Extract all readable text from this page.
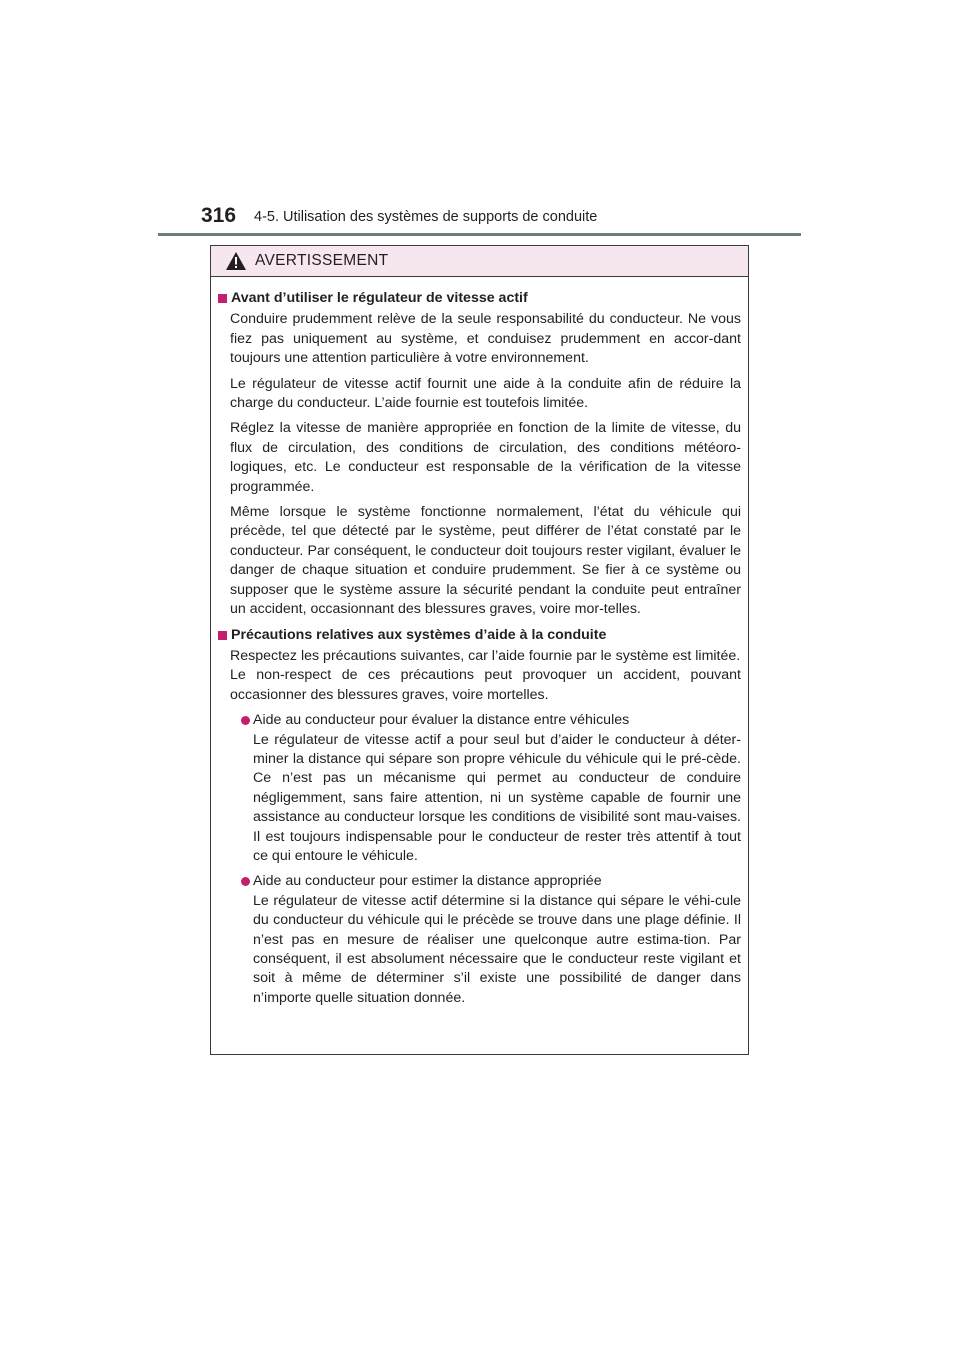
316 4-5. Utilisation des systèmes de supports de conduite
AVERTISSEMENT
Avant d’utiliser le régulateur de vitesse actif

Conduire prudemment relève de la seule responsabilité du conducteur. Ne vous fiez pas uniquement au système, et conduisez prudemment en accor-dant toujours une attention particulière à votre environnement.

Le régulateur de vitesse actif fournit une aide à la conduite afin de réduire la charge du conducteur. L’aide fournie est toutefois limitée.

Réglez la vitesse de manière appropriée en fonction de la limite de vitesse, du flux de circulation, des conditions de circulation, des conditions météoro-logiques, etc. Le conducteur est responsable de la vérification de la vitesse programmée.

Même lorsque le système fonctionne normalement, l’état du véhicule qui précède, tel que détecté par le système, peut différer de l’état constaté par le conducteur. Par conséquent, le conducteur doit toujours rester vigilant, évaluer le danger de chaque situation et conduire prudemment. Se fier à ce système ou supposer que le système assure la sécurité pendant la conduite peut entraîner un accident, occasionnant des blessures graves, voire mor-telles.

Précautions relatives aux systèmes d’aide à la conduite

Respectez les précautions suivantes, car l’aide fournie par le système est limitée.

Le non-respect de ces précautions peut provoquer un accident, pouvant occasionner des blessures graves, voire mortelles.

Aide au conducteur pour évaluer la distance entre véhicules
Le régulateur de vitesse actif a pour seul but d’aider le conducteur à déter-miner la distance qui sépare son propre véhicule du véhicule qui le pré-cède. Ce n’est pas un mécanisme qui permet au conducteur de conduire négligemment, sans faire attention, ni un système capable de fournir une assistance au conducteur lorsque les conditions de visibilité sont mau-vaises. Il est toujours indispensable pour le conducteur de rester très attentif à tout ce qui entoure le véhicule.
Aide au conducteur pour estimer la distance appropriée
Le régulateur de vitesse actif détermine si la distance qui sépare le véhi-cule du conducteur du véhicule qui le précède se trouve dans une plage définie. Il n’est pas en mesure de réaliser une quelconque autre estima-tion. Par conséquent, il est absolument nécessaire que le conducteur reste vigilant et soit à même de déterminer s’il existe une possibilité de danger dans n’importe quelle situation donnée.
